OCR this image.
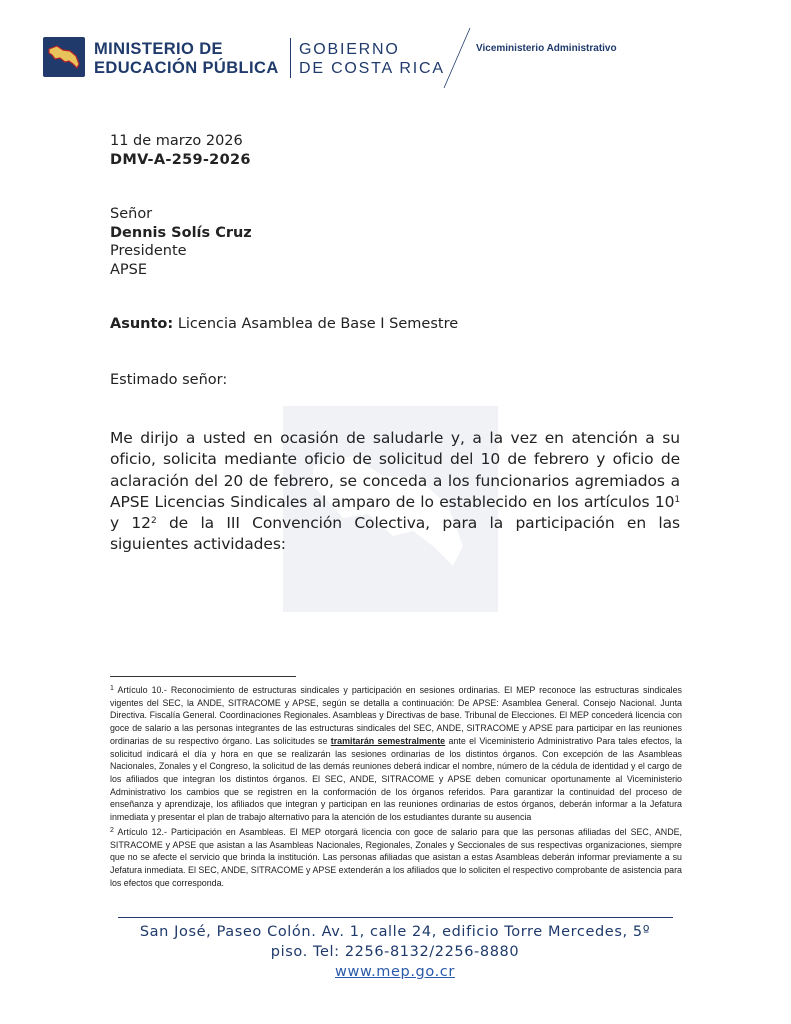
MINISTERIO DE
EDUCACIÓN PÚBLICA
GOBIERNO
DE COSTA RICA
Viceministerio Administrativo
11 de marzo 2026
DMV-A-259-2026
Señor
Dennis Solís Cruz
Presidente
APSE
Asunto: Licencia Asamblea de Base I Semestre
Estimado señor:
Me dirijo a usted en ocasión de saludarle y, a la vez en atención a su oficio, solicita mediante oficio de solicitud del 10 de febrero y oficio de aclaración del 20 de febrero, se conceda a los funcionarios agremiados a APSE Licencias Sindicales al amparo de lo establecido en los artículos $10^1$ y $12^2$ de la III Convención Colectiva, para la participación en las siguientes actividades:
$^1$ Artículo 10.- Reconocimiento de estructuras sindicales y participación en sesiones ordinarias. El MEP reconoce las estructuras sindicales vigentes del SEC, la ANDE, SITRACOME y APSE, según se detalla a continuación: De APSE: Asamblea General. Consejo Nacional. Junta Directiva. Fiscalía General. Coordinaciones Regionales. Asambleas y Directivas de base. Tribunal de Elecciones. El MEP concederá licencia con goce de salario a las personas integrantes de las estructuras sindicales del SEC, ANDE, SITRACOME y APSE para participar en las reuniones ordinarias de su respectivo órgano. Las solicitudes se tramitarán semestralmente ante el Viceministerio Administrativo Para tales efectos, la solicitud indicará el día y hora en que se realizarán las sesiones ordinarias de los distintos órganos. Con excepción de las Asambleas Nacionales, Zonales y el Congreso, la solicitud de las demás reuniones deberá indicar el nombre, número de la cédula de identidad y el cargo de los afiliados que integran los distintos órganos. El SEC, ANDE, SITRACOME y APSE deben comunicar oportunamente al Viceministerio Administrativo los cambios que se registren en la conformación de los órganos referidos. Para garantizar la continuidad del proceso de enseñanza y aprendizaje, los afiliados que integran y participan en las reuniones ordinarias de estos órganos, deberán informar a la Jefatura inmediata y presentar el plan de trabajo alternativo para la atención de los estudiantes durante su ausencia
$^2$ Artículo 12.- Participación en Asambleas. El MEP otorgará licencia con goce de salario para que las personas afiliadas del SEC, ANDE, SITRACOME y APSE que asistan a las Asambleas Nacionales, Regionales, Zonales y Seccionales de sus respectivas organizaciones, siempre que no se afecte el servicio que brinda la institución. Las personas afiliadas que asistan a estas Asambleas deberán informar previamente a su Jefatura inmediata. El SEC, ANDE, SITRACOME y APSE extenderán a los afiliados que lo soliciten el respectivo comprobante de asistencia para los efectos que corresponda.
San José, Paseo Colón. Av. 1, calle 24, edificio Torre Mercedes, 5º
piso. Tel: 2256-8132/2256-8880
www.mep.go.cr
